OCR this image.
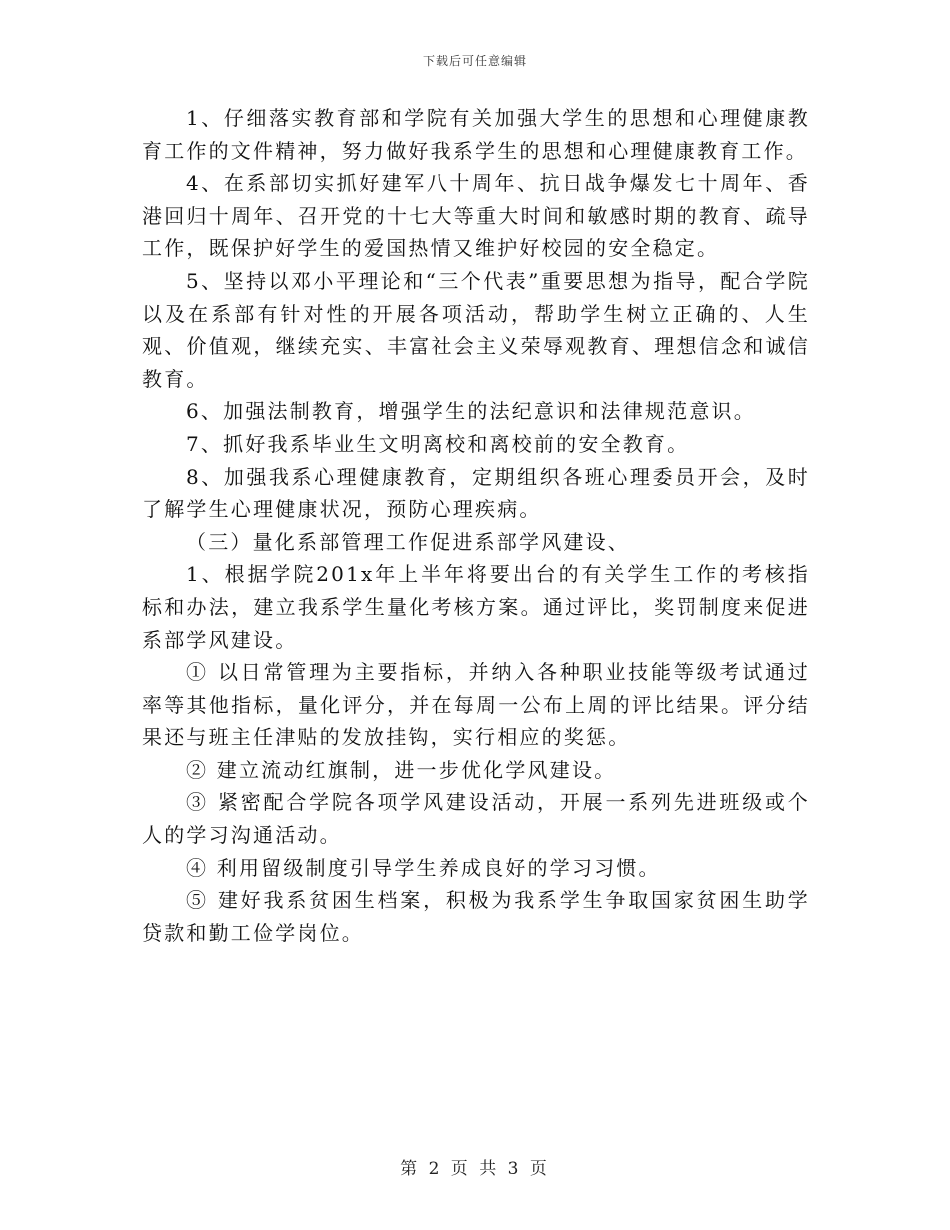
下载后可任意编辑

1、仔细落实教育部和学院有关加强大学生的思想和心理健康教育工作的文件精神，努力做好我系学生的思想和心理健康教育工作。

4、在系部切实抓好建军八十周年、抗日战争爆发七十周年、香港回归十周年、召开党的十七大等重大时间和敏感时期的教育、疏导工作，既保护好学生的爱国热情又维护好校园的安全稳定。

5、坚持以邓小平理论和“三个代表”重要思想为指导，配合学院以及在系部有针对性的开展各项活动，帮助学生树立正确的、人生观、价值观，继续充实、丰富社会主义荣辱观教育、理想信念和诚信教育。

6、加强法制教育，增强学生的法纪意识和法律规范意识。

7、抓好我系毕业生文明离校和离校前的安全教育。

8、加强我系心理健康教育，定期组织各班心理委员开会，及时了解学生心理健康状况，预防心理疾病。

（三）量化系部管理工作促进系部学风建设、

1、根据学院201x年上半年将要出台的有关学生工作的考核指标和办法，建立我系学生量化考核方案。通过评比，奖罚制度来促进系部学风建设。

① 以日常管理为主要指标，并纳入各种职业技能等级考试通过率等其他指标，量化评分，并在每周一公布上周的评比结果。评分结果还与班主任津贴的发放挂钩，实行相应的奖惩。

② 建立流动红旗制，进一步优化学风建设。

③ 紧密配合学院各项学风建设活动，开展一系列先进班级或个人的学习沟通活动。

④ 利用留级制度引导学生养成良好的学习习惯。

⑤ 建好我系贫困生档案，积极为我系学生争取国家贫困生助学贷款和勤工俭学岗位。

第 2 页 共 3 页
